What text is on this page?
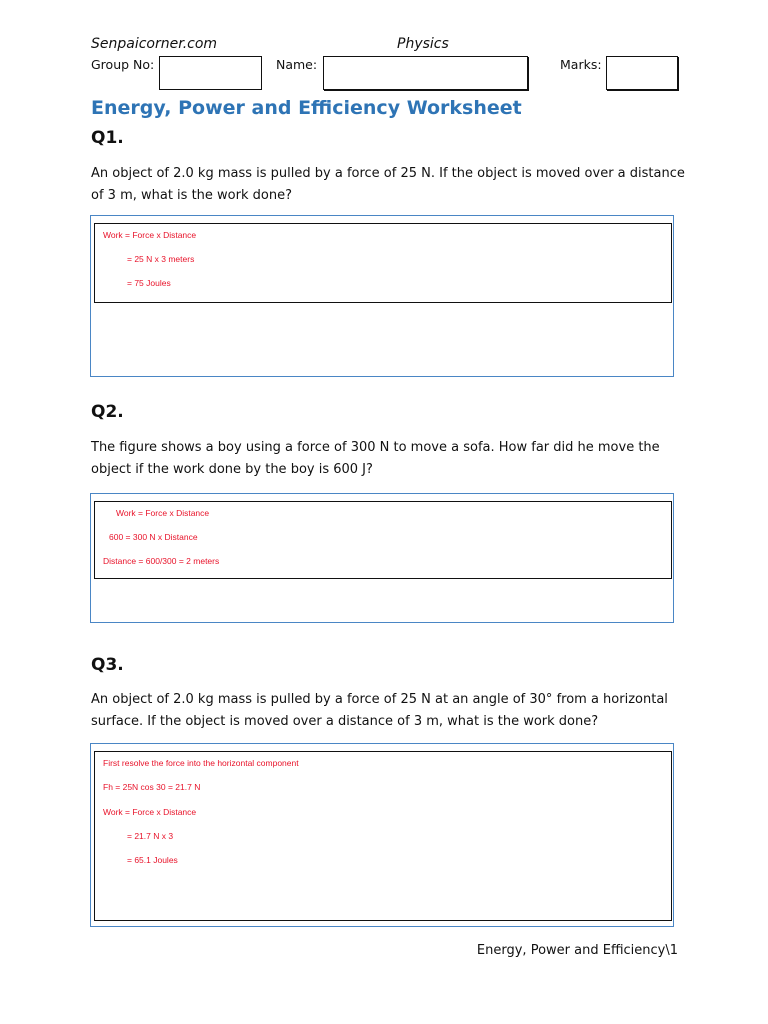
Senpaicorner.com	Physics
Group No:	Name:	Marks:
Energy, Power and Efficiency Worksheet
Q1.
An object of 2.0 kg mass is pulled by a force of 25 N. If the object is moved over a distance of 3 m, what is the work done?
Work = Force x Distance
= 25 N x 3 meters
= 75 Joules
Q2.
The figure shows a boy using a force of 300 N to move a sofa. How far did he move the object if the work done by the boy is 600 J?
Work = Force x Distance
600 = 300 N x Distance
Distance = 600/300 = 2 meters
Q3.
An object of 2.0 kg mass is pulled by a force of 25 N at an angle of 30° from a horizontal surface. If the object is moved over a distance of 3 m, what is the work done?
First resolve the force into the horizontal component
Fh = 25N cos 30 = 21.7 N
Work = Force x Distance
= 21.7 N x 3
= 65.1 Joules
Energy, Power and Efficiency\1
